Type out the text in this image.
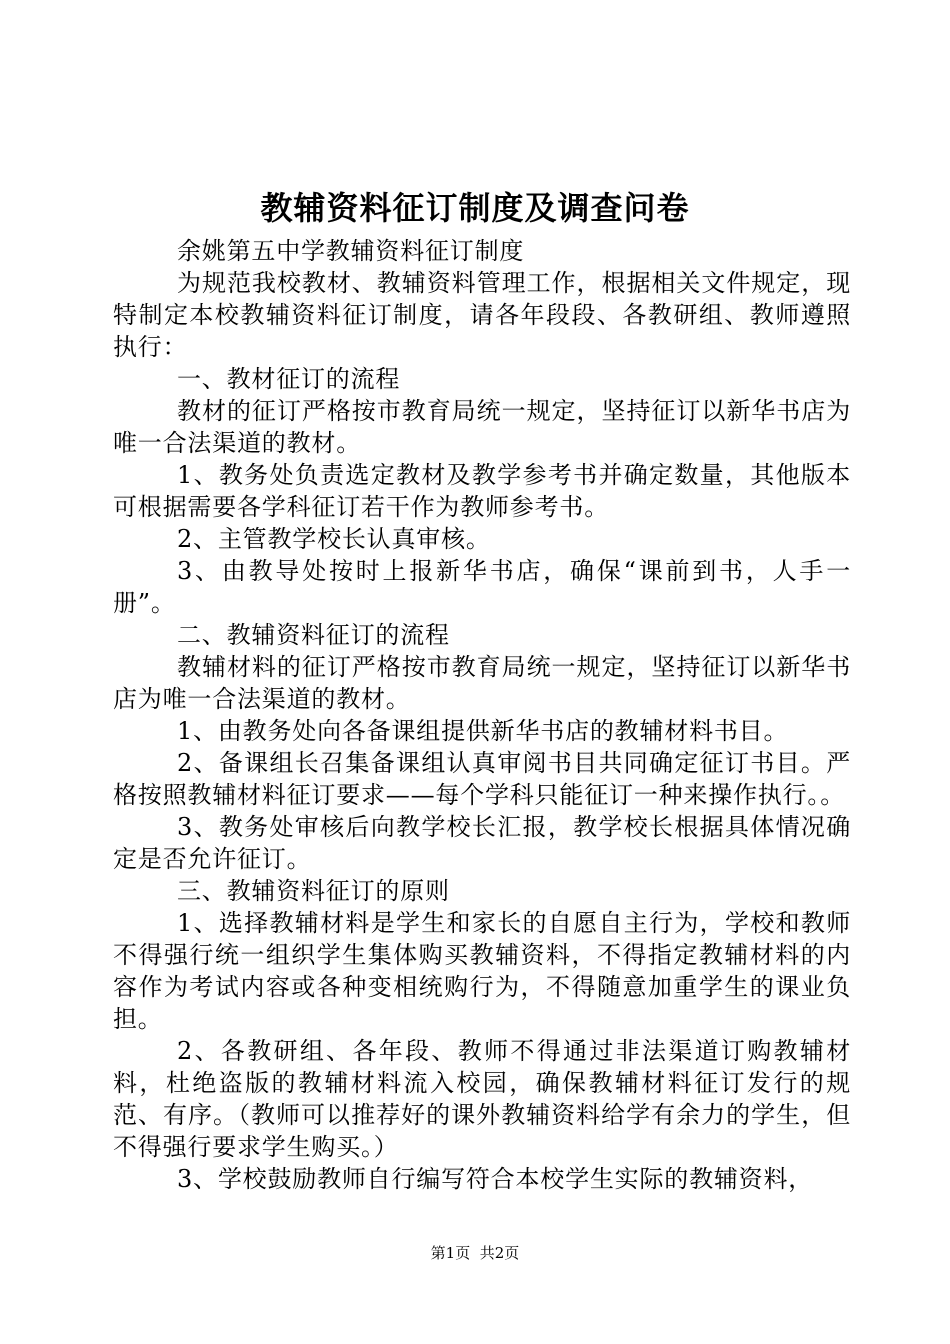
教辅资料征订制度及调查问卷

余姚第五中学教辅资料征订制度

为规范我校教材、教辅资料管理工作，根据相关文件规定，现特制定本校教辅资料征订制度，请各年段段、各教研组、教师遵照执行：

一、教材征订的流程

教材的征订严格按市教育局统一规定，坚持征订以新华书店为唯一合法渠道的教材。

1、教务处负责选定教材及教学参考书并确定数量，其他版本可根据需要各学科征订若干作为教师参考书。

2、主管教学校长认真审核。

3、由教导处按时上报新华书店，确保“课前到书，人手一册”。

二、教辅资料征订的流程

教辅材料的征订严格按市教育局统一规定，坚持征订以新华书店为唯一合法渠道的教材。

1、由教务处向各备课组提供新华书店的教辅材料书目。

2、备课组长召集备课组认真审阅书目共同确定征订书目。严格按照教辅材料征订要求——每个学科只能征订一种来操作执行。。

3、教务处审核后向教学校长汇报，教学校长根据具体情况确定是否允许征订。

三、教辅资料征订的原则

1、选择教辅材料是学生和家长的自愿自主行为，学校和教师不得强行统一组织学生集体购买教辅资料，不得指定教辅材料的内容作为考试内容或各种变相统购行为，不得随意加重学生的课业负担。

2、各教研组、各年段、教师不得通过非法渠道订购教辅材料，杜绝盗版的教辅材料流入校园，确保教辅材料征订发行的规范、有序。（教师可以推荐好的课外教辅资料给学有余力的学生，但不得强行要求学生购买。）

3、学校鼓励教师自行编写符合本校学生实际的教辅资料，

第1页 共2页
